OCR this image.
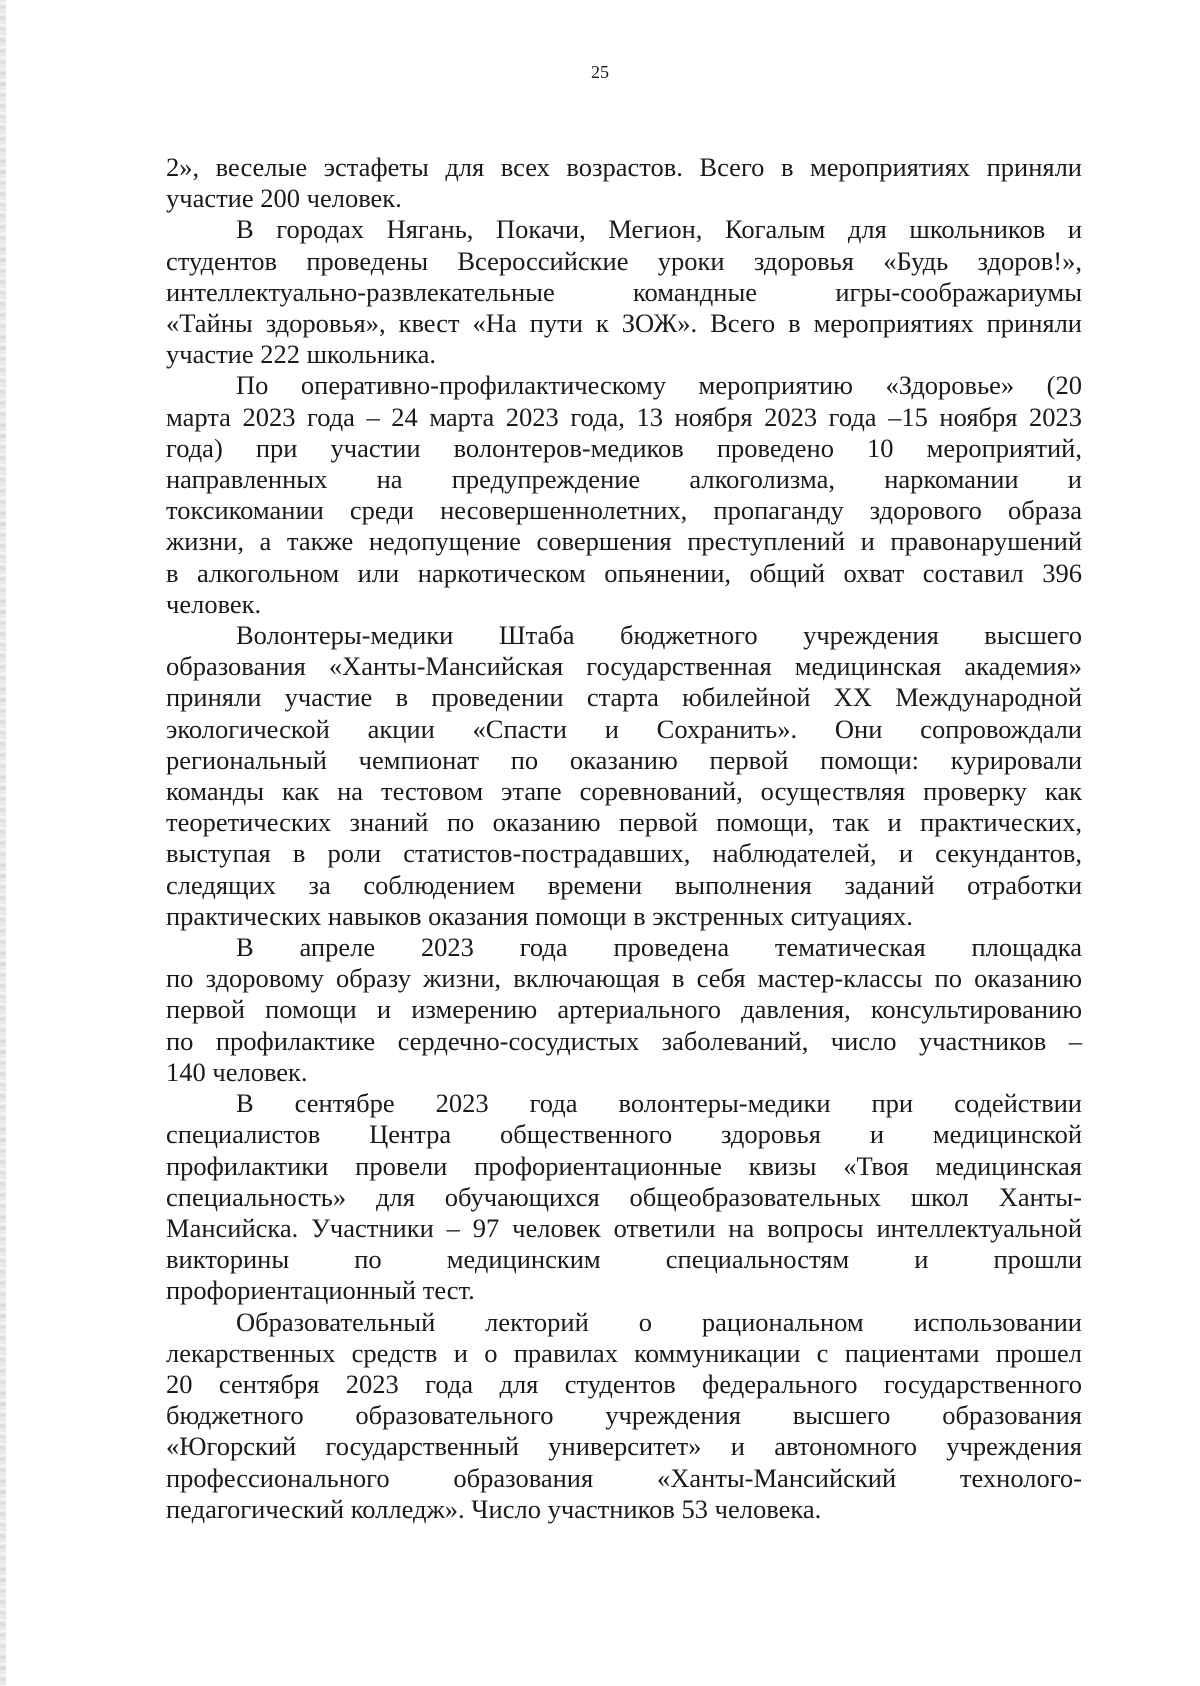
25

2», веселые эстафеты для всех возрастов. Всего в мероприятиях приняли
участие 200 человек.

В городах Нягань, Покачи, Мегион, Когалым для школьников и
студентов проведены Всероссийские уроки здоровья «Будь здоров!»,
интеллектуально-развлекательные командные игры-соображариумы
«Тайны здоровья», квест «На пути к ЗОЖ». Всего в мероприятиях приняли
участие 222 школьника.

По оперативно-профилактическому мероприятию «Здоровье» (20
марта 2023 года – 24 марта 2023 года, 13 ноября 2023 года –15 ноября 2023
года) при участии волонтеров-медиков проведено 10 мероприятий,
направленных на предупреждение алкоголизма, наркомании и
токсикомании среди несовершеннолетних, пропаганду здорового образа
жизни, а также недопущение совершения преступлений и правонарушений
в алкогольном или наркотическом опьянении, общий охват составил 396
человек.

Волонтеры-медики Штаба бюджетного учреждения высшего
образования «Ханты-Мансийская государственная медицинская академия»
приняли участие в проведении старта юбилейной XX Международной
экологической акции «Спасти и Сохранить». Они сопровождали
региональный чемпионат по оказанию первой помощи: курировали
команды как на тестовом этапе соревнований, осуществляя проверку как
теоретических знаний по оказанию первой помощи, так и практических,
выступая в роли статистов-пострадавших, наблюдателей, и секундантов,
следящих за соблюдением времени выполнения заданий отработки
практических навыков оказания помощи в экстренных ситуациях.

В апреле 2023 года проведена тематическая площадка
по здоровому образу жизни, включающая в себя мастер-классы по оказанию
первой помощи и измерению артериального давления, консультированию
по профилактике сердечно-сосудистых заболеваний, число участников –
140 человек.

В сентябре 2023 года волонтеры-медики при содействии
специалистов Центра общественного здоровья и медицинской
профилактики провели профориентационные квизы «Твоя медицинская
специальность» для обучающихся общеобразовательных школ Ханты-
Мансийска. Участники – 97 человек ответили на вопросы интеллектуальной
викторины по медицинским специальностям и прошли
профориентационный тест.

Образовательный лекторий о рациональном использовании
лекарственных средств и о правилах коммуникации с пациентами прошел
20 сентября 2023 года для студентов федерального государственного
бюджетного образовательного учреждения высшего образования
«Югорский государственный университет» и автономного учреждения
профессионального образования «Ханты-Мансийский технолого-
педагогический колледж». Число участников 53 человека.
